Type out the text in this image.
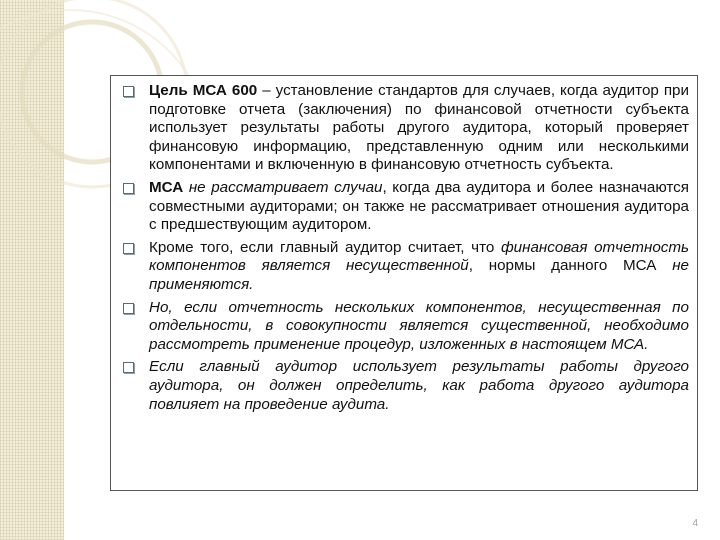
Цель МСА 600 – установление стандартов для случаев, когда аудитор при подготовке отчета (заключения) по финансовой отчетности субъекта использует результаты работы другого аудитора, который проверяет финансовую информацию, представленную одним или несколькими компонентами и включенную в финансовую отчетность субъекта.
МСА не рассматривает случаи, когда два аудитора и более назначаются совместными аудиторами; он также не рассматривает отношения аудитора с предшествующим аудитором.
Кроме того, если главный аудитор считает, что финансовая отчетность компонентов является несущественной, нормы данного МСА не применяются.
Но, если отчетность нескольких компонентов, несущественная по отдельности, в совокупности является существенной, необходимо рассмотреть применение процедур, изложенных в настоящем МСА.
Если главный аудитор использует результаты работы другого аудитора, он должен определить, как работа другого аудитора повлияет на проведение аудита.
4
